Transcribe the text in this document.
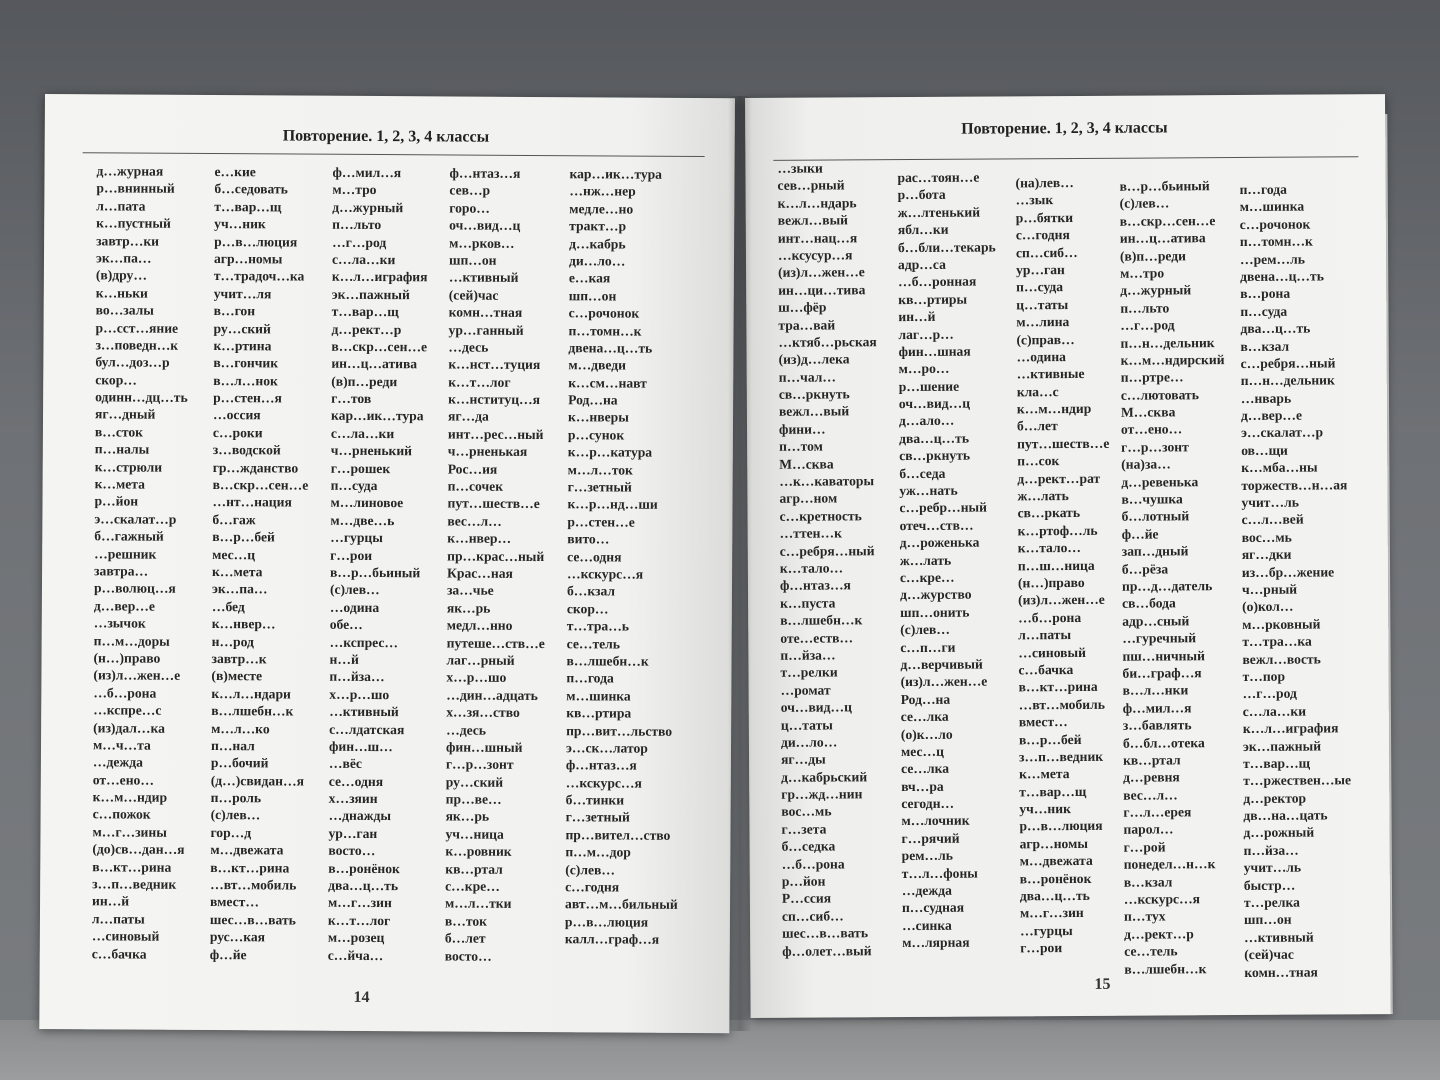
Повторение. 1, 2, 3, 4 классы
д…журная
р…внинный
л…пата
к…пустный
завтр…ки
эк…па…
(в)дру…
к…ньки
во…залы
р…сст…яние
з…поведн…к
бул…доз…р
скор…
одинн…дц…ть
яг…дный
в…сток
п…налы
к…стрюли
к…мета
р…йон
э…скалат…р
б…гажный
…решник
завтра…
р…волюц…я
д…вер…е
…зычок
п…м…доры
(н…)право
(из)л…жен…е
…б…рона
…кспре…с
(из)дал…ка
м…ч…та
…дежда
от…ено…
к…м…ндир
с…пожок
м…г…зины
(до)св…дан…я
в…кт…рина
з…п…ведник
ин…й
л…паты
…синовый
с…бачка
е…кие
б…седовать
т…вар…щ
уч…ник
р…в…люция
агр…номы
т…традоч…ка
учит…ля
в…гон
ру…ский
к…ртина
в…гончик
в…л…нок
р…стен…я
…оссия
с…роки
з…водской
гр…жданство
в…скр…сен…е
…нт…нация
б…гаж
в…р…бей
мес…ц
к…мета
эк…па…
…бед
к…нвер…
н…род
завтр…к
(в)месте
к…л…ндари
в…лшебн…к
м…л…ко
п…нал
р…бочий
(д…)свидан…я
п…роль
(с)лев…
гор…д
м…двежата
в…кт…рина
…вт…мобиль
вмест…
шес…в…вать
рус…кая
ф…йе
ф…мил…я
м…тро
д…журный
п…льто
…г…род
с…ла…ки
к…л…играфия
эк…пажный
т…вар…щ
д…рект…р
в…скр…сен…е
ин…ц…атива
(в)п…реди
г…тов
кар…ик…тура
с…ла…ки
ч…рненький
г…рошек
п…суда
м…линовое
м…две…ь
…гурцы
г…рои
в…р…бьиный
(с)лев…
…одина
обе…
…кспрес…
н…й
п…йза…
х…р…шо
…ктивный
с…лдатская
фин…ш…
…вёс
се…одня
х…зяин
…днажды
ур…ган
восто…
в…ронёнок
два…ц…ть
м…г…зин
к…т…лог
м…розец
с…йча…
ф…нтаз…я
сев…р
горо…
оч…вид…ц
м…рков…
шп…он
…ктивный
(сей)час
комн…тная
ур…ганный
…десь
к…нст…туция
к…т…лог
к…нституц…я
яг…да
инт…рес…ный
ч…рненькая
Рос…ия
п…сочек
пут…шеств…е
вес…л…
к…нвер…
пр…крас…ный
Крас…ная
за…чье
як…рь
медл…нно
путеше…ств…е
лаг…рный
х…р…шо
…дин…адцать
х…зя…ство
…десь
фин…шный
г…р…зонт
ру…ский
пр…ве…
як…рь
уч…ница
к…ровник
кв…ртал
с…кре…
м…л…тки
в…ток
б…лет
восто…
кар…ик…тура
…нж…нер
медле…но
тракт…р
д…кабрь
ди…ло…
е…кая
шп…он
с…рочонок
п…томн…к
двена…ц…ть
м…дведи
к…см…навт
Род…на
к…нверы
р…сунок
к…р…катура
м…л…ток
г…зетный
к…р…нд…ши
р…стен…е
вито…
се…одня
…кскурс…я
б…кзал
скор…
т…тра…ь
се…тель
в…лшебн…к
п…года
м…шинка
кв…ртира
пр…вит…льство
э…ск…латор
ф…нтаз…я
…кскурс…я
б…тинки
г…зетный
пр…вител…ство
п…м…дор
(с)лев…
с…годня
авт…м…бильный
р…в…люция
калл…граф…я
14
Повторение. 1, 2, 3, 4 классы
…зыки
сев…рный
к…л…ндарь
вежл…вый
инт…нац…я
…ксусур…я
(из)л…жен…е
ин…ци…тива
ш…фёр
тра…вай
…ктяб…рьская
(из)д…лека
п…чал…
св…ркнуть
вежл…вый
фини…
п…том
М…сква
…к…каваторы
агр…ном
с…кретность
…ттен…к
с…ребря…ный
к…тало…
ф…нтаз…я
к…пуста
в…лшебн…к
оте…еств…
п…йза…
т…релки
…ромат
оч…вид…ц
ц…таты
ди…ло…
яг…ды
д…кабрьский
гр…жд…нин
вос…мь
г…зета
б…седка
…б…рона
р…йон
Р…ссия
сп…сиб…
шес…в…вать
ф…олет…вый
рас…тоян…е
р…бота
ж…лтенький
ябл…ки
б…бли…текарь
адр…са
…б…ронная
кв…ртиры
ин…й
лаг…р…
фин…шная
м…ро…
р…шение
оч…вид…ц
д…ало…
два…ц…ть
св…ркнуть
б…седа
уж…нать
с…ребр…ный
отеч…ств…
д…роженька
ж…лать
с…кре…
д…журство
шп…онить
(с)лев…
с…п…ги
д…верчивый
(из)л…жен…е
Род…на
се…лка
(о)к…ло
мес…ц
се…лка
вч…ра
сегодн…
м…лочник
г…рячий
рем…ль
т…л…фоны
…дежда
п…судная
…синка
м…лярная
(на)лев…
…зык
р…бятки
с…годня
сп…сиб…
ур…ган
п…суда
ц…таты
м…лина
(с)прав…
…одина
…ктивные
кла…с
к…м…ндир
б…лет
пут…шеств…е
п…сок
д…рект…рат
ж…лать
св…ркать
к…ртоф…ль
к…тало…
п…ш…ница
(н…)право
(из)л…жен…е
…б…рона
л…паты
…синовый
с…бачка
в…кт…рина
…вт…мобиль
вмест…
в…р…бей
з…п…ведник
к…мета
т…вар…щ
уч…ник
р…в…люция
агр…номы
м…двежата
в…ронёнок
два…ц…ть
м…г…зин
…гурцы
г…рои
в…р…бьиный
(с)лев…
в…скр…сен…е
ин…ц…атива
(в)п…реди
м…тро
д…журный
п…льто
…г…род
п…н…дельник
к…м…ндирский
п…ртре…
с…лютовать
М…сква
от…ено…
г…р…зонт
(на)за…
д…ревенька
в…чушка
б…лотный
ф…йе
зап…дный
б…рёза
пр…д…датель
св…бода
адр…сный
…гуречный
пш…ничный
би…граф…я
в…л…нки
ф…мил…я
з…бавлять
б…бл…отека
кв…ртал
д…ревня
вес…л…
г…л…ерея
парол…
г…рой
понедел…н…к
в…кзал
…кскурс…я
п…тух
д…рект…р
се…тель
в…лшебн…к
п…года
м…шинка
с…рочонок
п…томн…к
…рем…ль
двена…ц…ть
в…рона
п…суда
два…ц…ть
в…кзал
с…ребря…ный
п…н…дельник
…нварь
д…вер…е
э…скалат…р
ов…щи
к…мба…ны
торжеств…н…ая
учит…ль
с…л…вей
вос…мь
яг…дки
из…бр…жение
ч…рный
(о)кол…
м…рковный
т…тра…ка
вежл…вость
т…пор
…г…род
с…ла…ки
к…л…играфия
эк…пажный
т…вар…щ
т…ржествен…ые
д…ректор
дв…на…цать
д…рожный
п…йза…
учит…ль
быстр…
т…релка
шп…он
…ктивный
(сей)час
комн…тная
15
